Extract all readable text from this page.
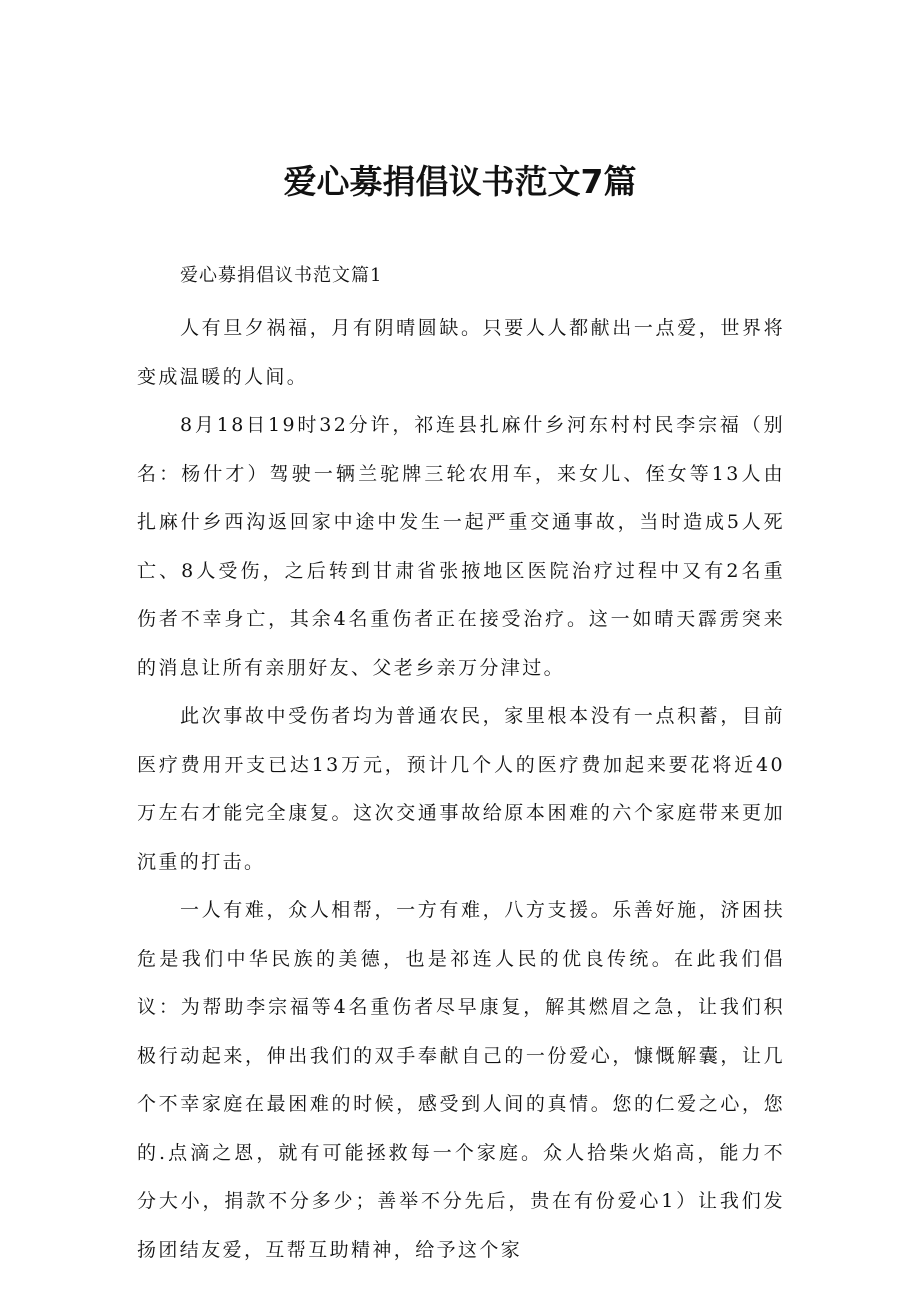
爱心募捐倡议书范文7篇

爱心募捐倡议书范文篇1

人有旦夕祸福，月有阴晴圆缺。只要人人都献出一点爱，世界将变成温暖的人间。

8月18日19时32分许，祁连县扎麻什乡河东村村民李宗福（别名：杨什才）驾驶一辆兰驼牌三轮农用车，来女儿、侄女等13人由扎麻什乡西沟返回家中途中发生一起严重交通事故，当时造成5人死亡、8人受伤，之后转到甘肃省张掖地区医院治疗过程中又有2名重伤者不幸身亡，其余4名重伤者正在接受治疗。这一如晴天霹雳突来的消息让所有亲朋好友、父老乡亲万分津过。

此次事故中受伤者均为普通农民，家里根本没有一点积蓄，目前医疗费用开支已达13万元，预计几个人的医疗费加起来要花将近40万左右才能完全康复。这次交通事故给原本困难的六个家庭带来更加沉重的打击。

一人有难，众人相帮，一方有难，八方支援。乐善好施，济困扶危是我们中华民族的美德，也是祁连人民的优良传统。在此我们倡议：为帮助李宗福等4名重伤者尽早康复，解其燃眉之急，让我们积极行动起来，伸出我们的双手奉献自己的一份爱心，慷慨解囊，让几个不幸家庭在最困难的时候，感受到人间的真情。您的仁爱之心，您的.点滴之恩，就有可能拯救每一个家庭。众人拾柴火焰高，能力不分大小，捐款不分多少；善举不分先后，贵在有份爱心1）让我们发扬团结友爱，互帮互助精神，给予这个家
